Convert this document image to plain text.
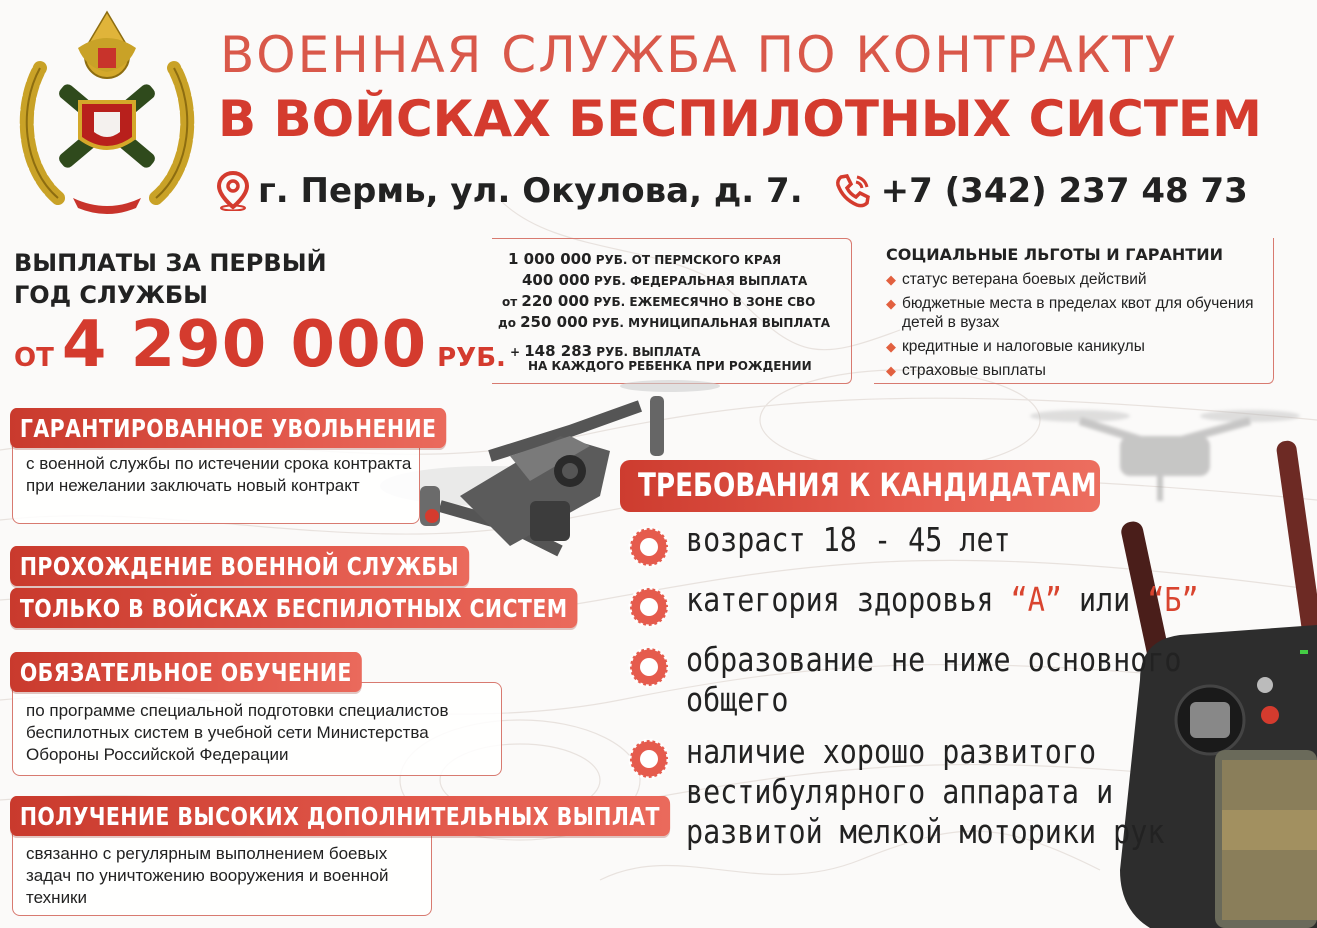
ВОЕННАЯ СЛУЖБА ПО КОНТРАКТУ
В ВОЙСКАХ БЕСПИЛОТНЫХ СИСТЕМ
г. Пермь, ул. Окулова, д. 7. +7 (342) 237 48 73
ВЫПЛАТЫ ЗА ПЕРВЫЙ
ГОД СЛУЖБЫ
ОТ 4 290 000 РУБ.
1 000 000 РУБ. ОТ ПЕРМСКОГО КРАЯ
400 000 РУБ. ФЕДЕРАЛЬНАЯ ВЫПЛАТА
от 220 000 РУБ. ЕЖЕМЕСЯЧНО В ЗОНЕ СВО
до 250 000 РУБ. МУНИЦИПАЛЬНАЯ ВЫПЛАТА
+ 148 283 РУБ. ВЫПЛАТА
НА КАЖДОГО РЕБЕНКА ПРИ РОЖДЕНИИ
СОЦИАЛЬНЫЕ ЛЬГОТЫ И ГАРАНТИИ
◆ статус ветерана боевых действий
◆ бюджетные места в пределах квот для обучения детей в вузах
◆ кредитные и налоговые каникулы
◆ страховые выплаты
ГАРАНТИРОВАННОЕ УВОЛЬНЕНИЕ
с военной службы по истечении срока контракта при нежелании заключать новый контракт
ПРОХОЖДЕНИЕ ВОЕННОЙ СЛУЖБЫ
ТОЛЬКО В ВОЙСКАХ БЕСПИЛОТНЫХ СИСТЕМ
ОБЯЗАТЕЛЬНОЕ ОБУЧЕНИЕ
по программе специальной подготовки специалистов беспилотных систем в учебной сети Министерства Обороны Российской Федерации
ПОЛУЧЕНИЕ ВЫСОКИХ ДОПОЛНИТЕЛЬНЫХ ВЫПЛАТ
связанно с регулярным выполнением боевых задач по уничтожению вооружения и военной техники
ТРЕБОВАНИЯ К КАНДИДАТАМ
возраст 18 - 45 лет
категория здоровья “А” или “Б”
образование не ниже основного
общего
наличие хорошо развитого
вестибулярного аппарата и
развитой мелкой моторики рук
